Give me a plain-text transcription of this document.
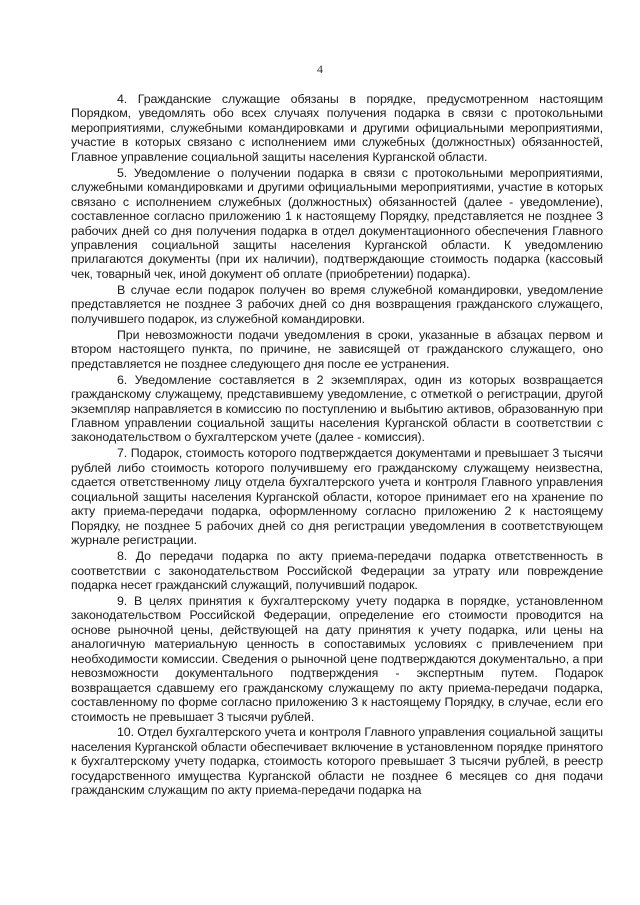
4

4. Гражданские служащие обязаны в порядке, предусмотренном настоящим Порядком, уведомлять обо всех случаях получения подарка в связи с протокольными мероприятиями, служебными командировками и другими официальными мероприятиями, участие в которых связано с исполнением ими служебных (должностных) обязанностей, Главное управление социальной защиты населения Курганской области.

5. Уведомление о получении подарка в связи с протокольными мероприятиями, служебными командировками и другими официальными мероприятиями, участие в которых связано с исполнением служебных (должностных) обязанностей (далее - уведомление), составленное согласно приложению 1 к настоящему Порядку, представляется не позднее 3 рабочих дней со дня получения подарка в отдел документационного обеспечения Главного управления социальной защиты населения Курганской области. К уведомлению прилагаются документы (при их наличии), подтверждающие стоимость подарка (кассовый чек, товарный чек, иной документ об оплате (приобретении) подарка).

В случае если подарок получен во время служебной командировки, уведомление представляется не позднее 3 рабочих дней со дня возвращения гражданского служащего, получившего подарок, из служебной командировки.

При невозможности подачи уведомления в сроки, указанные в абзацах первом и втором настоящего пункта, по причине, не зависящей от гражданского служащего, оно представляется не позднее следующего дня после ее устранения.

6. Уведомление составляется в 2 экземплярах, один из которых возвращается гражданскому служащему, представившему уведомление, с отметкой о регистрации, другой экземпляр направляется в комиссию по поступлению и выбытию активов, образованную при Главном управлении социальной защиты населения Курганской области в соответствии с законодательством о бухгалтерском учете (далее - комиссия).

7. Подарок, стоимость которого подтверждается документами и превышает 3 тысячи рублей либо стоимость которого получившему его гражданскому служащему неизвестна, сдается ответственному лицу отдела бухгалтерского учета и контроля Главного управления социальной защиты населения Курганской области, которое принимает его на хранение по акту приема-передачи подарка, оформленному согласно приложению 2 к настоящему Порядку, не позднее 5 рабочих дней со дня регистрации уведомления в соответствующем журнале регистрации.

8. До передачи подарка по акту приема-передачи подарка ответственность в соответствии с законодательством Российской Федерации за утрату или повреждение подарка несет гражданский служащий, получивший подарок.

9. В целях принятия к бухгалтерскому учету подарка в порядке, установленном законодательством Российской Федерации, определение его стоимости проводится на основе рыночной цены, действующей на дату принятия к учету подарка, или цены на аналогичную материальную ценность в сопоставимых условиях с привлечением при необходимости комиссии. Сведения о рыночной цене подтверждаются документально, а при невозможности документального подтверждения - экспертным путем. Подарок возвращается сдавшему его гражданскому служащему по акту приема-передачи подарка, составленному по форме согласно приложению 3 к настоящему Порядку, в случае, если его стоимость не превышает 3 тысячи рублей.

10. Отдел бухгалтерского учета и контроля Главного управления социальной защиты населения Курганской области обеспечивает включение в установленном порядке принятого к бухгалтерскому учету подарка, стоимость которого превышает 3 тысячи рублей, в реестр государственного имущества Курганской области не позднее 6 месяцев со дня подачи гражданским служащим по акту приема-передачи подарка на
